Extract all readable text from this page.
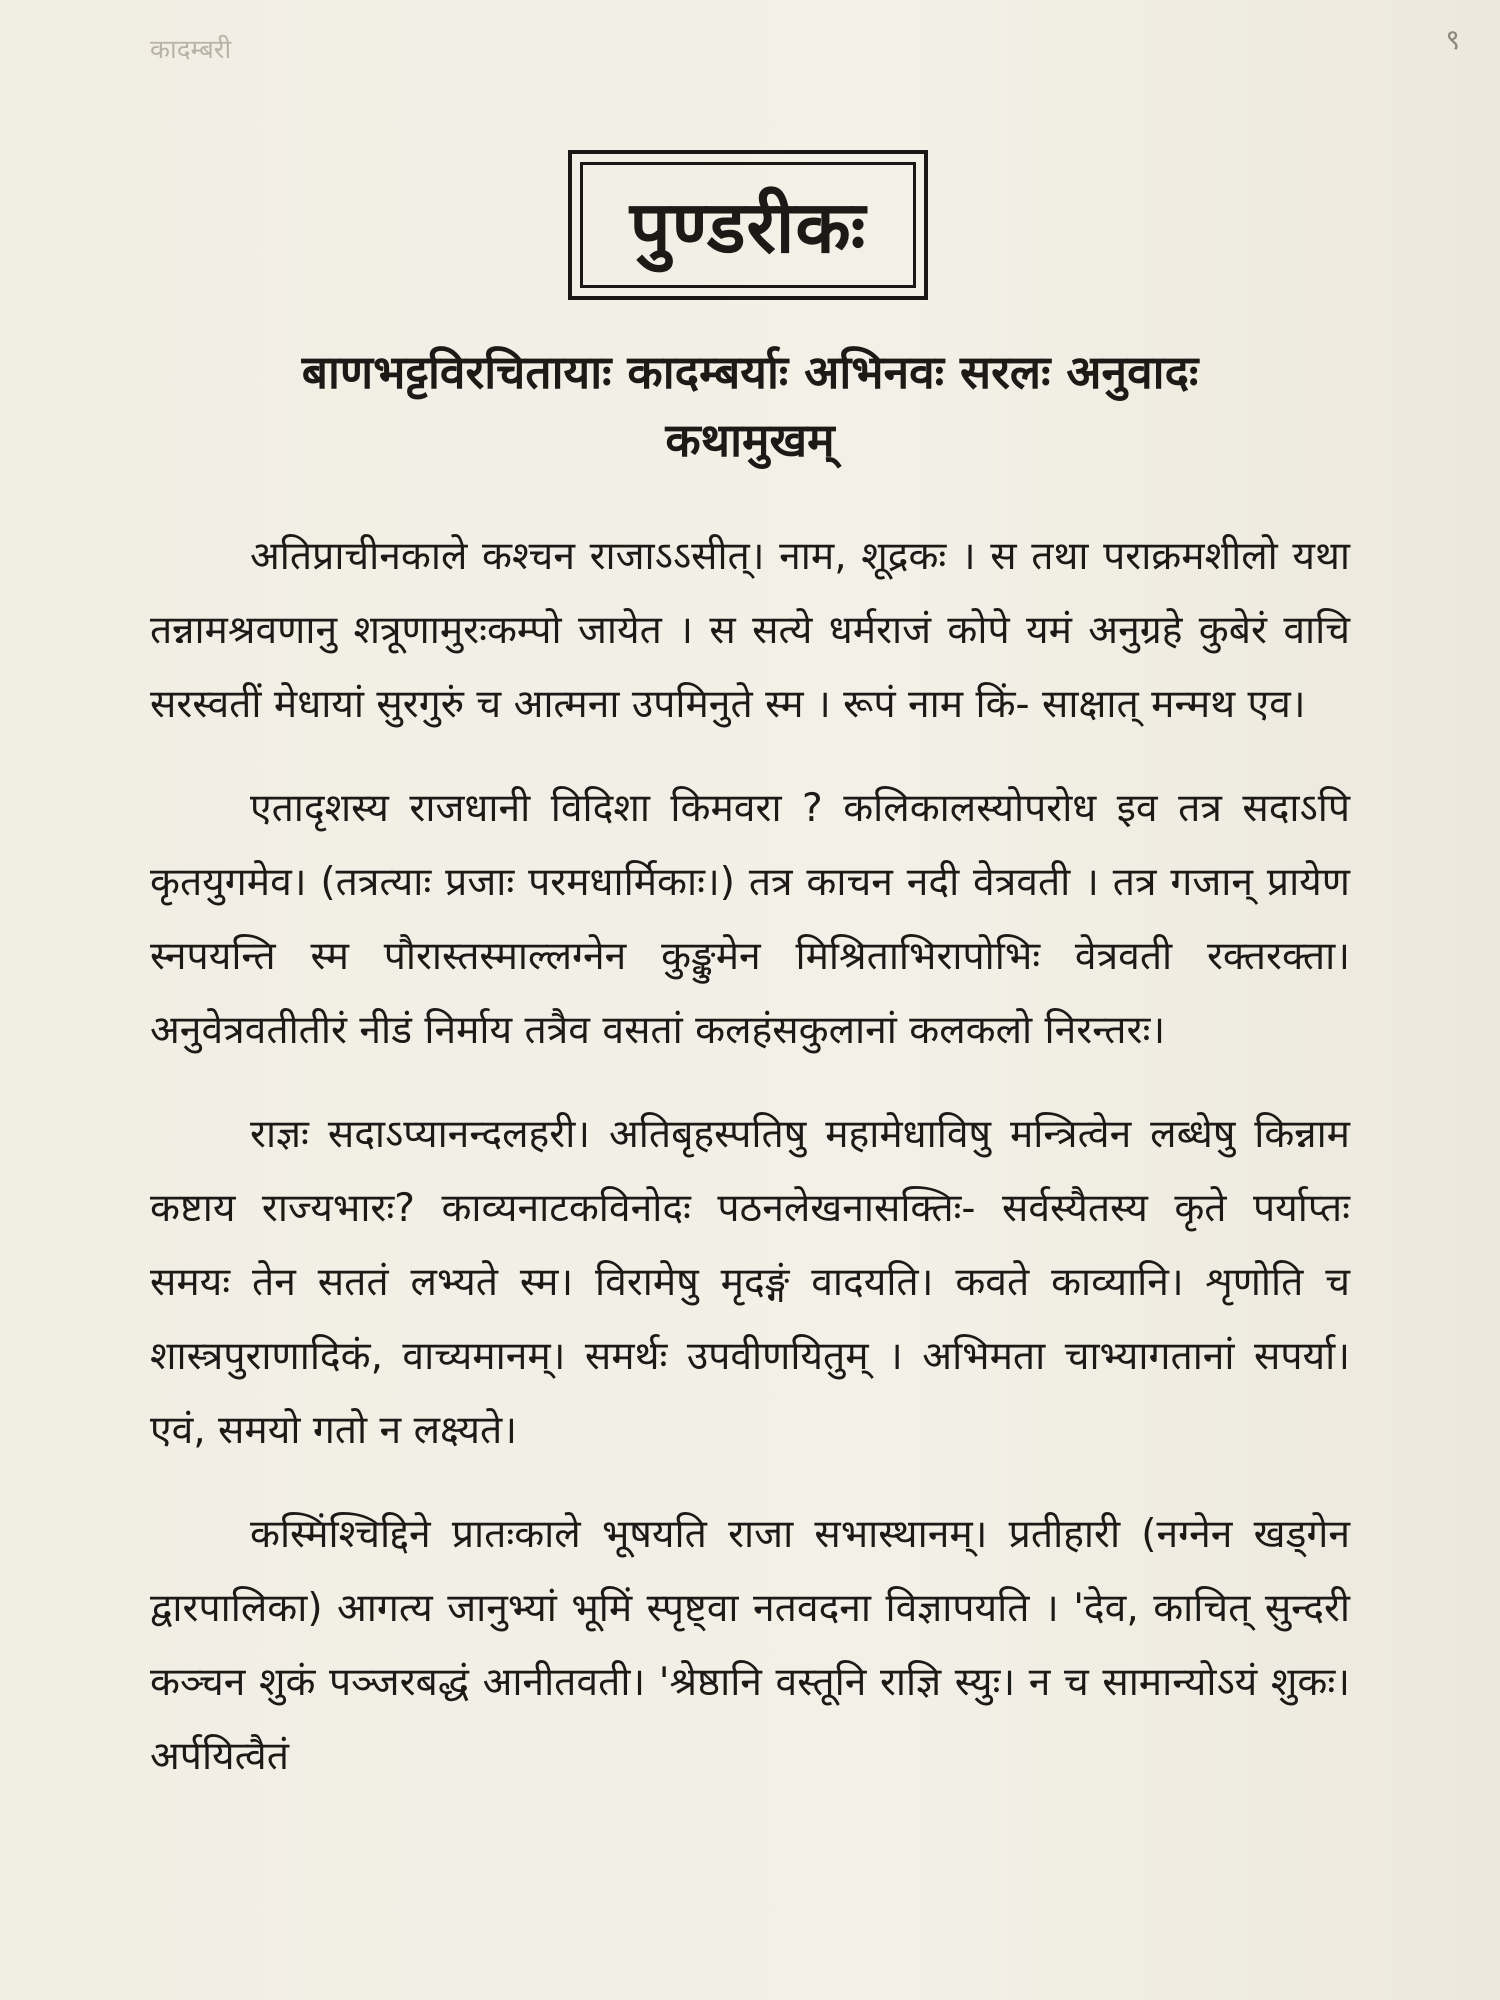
कादम्बरी	९
पुण्डरीकः
बाणभट्टविरचितायाः कादम्बर्याः अभिनवः सरलः अनुवादः
कथामुखम्

अतिप्राचीनकाले कश्चन राजाऽऽसीत्। नाम, शूद्रकः । स तथा पराक्रमशीलो यथा तन्नामश्रवणानु शत्रूणामुरःकम्पो जायेत । स सत्ये धर्मराजं कोपे यमं अनुग्रहे कुबेरं वाचि सरस्वतीं मेधायां सुरगुरुं च आत्मना उपमिनुते स्म । रूपं नाम किं- साक्षात् मन्मथ एव।

एतादृशस्य राजधानी विदिशा किमवरा ? कलिकालस्योपरोध इव तत्र सदाऽपि कृतयुगमेव। (तत्रत्याः प्रजाः परमधार्मिकाः।) तत्र काचन नदी वेत्रवती । तत्र गजान् प्रायेण स्नपयन्ति स्म पौरास्तस्माल्लग्नेन कुङ्कुमेन मिश्रिताभिरापोभिः वेत्रवती रक्तरक्ता। अनुवेत्रवतीतीरं नीडं निर्माय तत्रैव वसतां कलहंसकुलानां कलकलो निरन्तरः।

राज्ञः सदाऽप्यानन्दलहरी। अतिबृहस्पतिषु महामेधाविषु मन्त्रित्वेन लब्धेषु किन्नाम कष्टाय राज्यभारः? काव्यनाटकविनोदः पठनलेखनासक्तिः- सर्वस्यैतस्य कृते पर्याप्तः समयः तेन सततं लभ्यते स्म। विरामेषु मृदङ्गं वादयति। कवते काव्यानि। शृणोति च शास्त्रपुराणादिकं, वाच्यमानम्। समर्थः उपवीणयितुम् । अभिमता चाभ्यागतानां सपर्या। एवं, समयो गतो न लक्ष्यते।

कस्मिंश्चिद्दिने प्रातःकाले भूषयति राजा सभास्थानम्। प्रतीहारी (नग्नेन खड्गेन द्वारपालिका) आगत्य जानुभ्यां भूमिं स्पृष्ट्वा नतवदना विज्ञापयति । 'देव, काचित् सुन्दरी कञ्चन शुकं पञ्जरबद्धं आनीतवती। 'श्रेष्ठानि वस्तूनि राज्ञि स्युः। न च सामान्योऽयं शुकः। अर्पयित्वैतं
